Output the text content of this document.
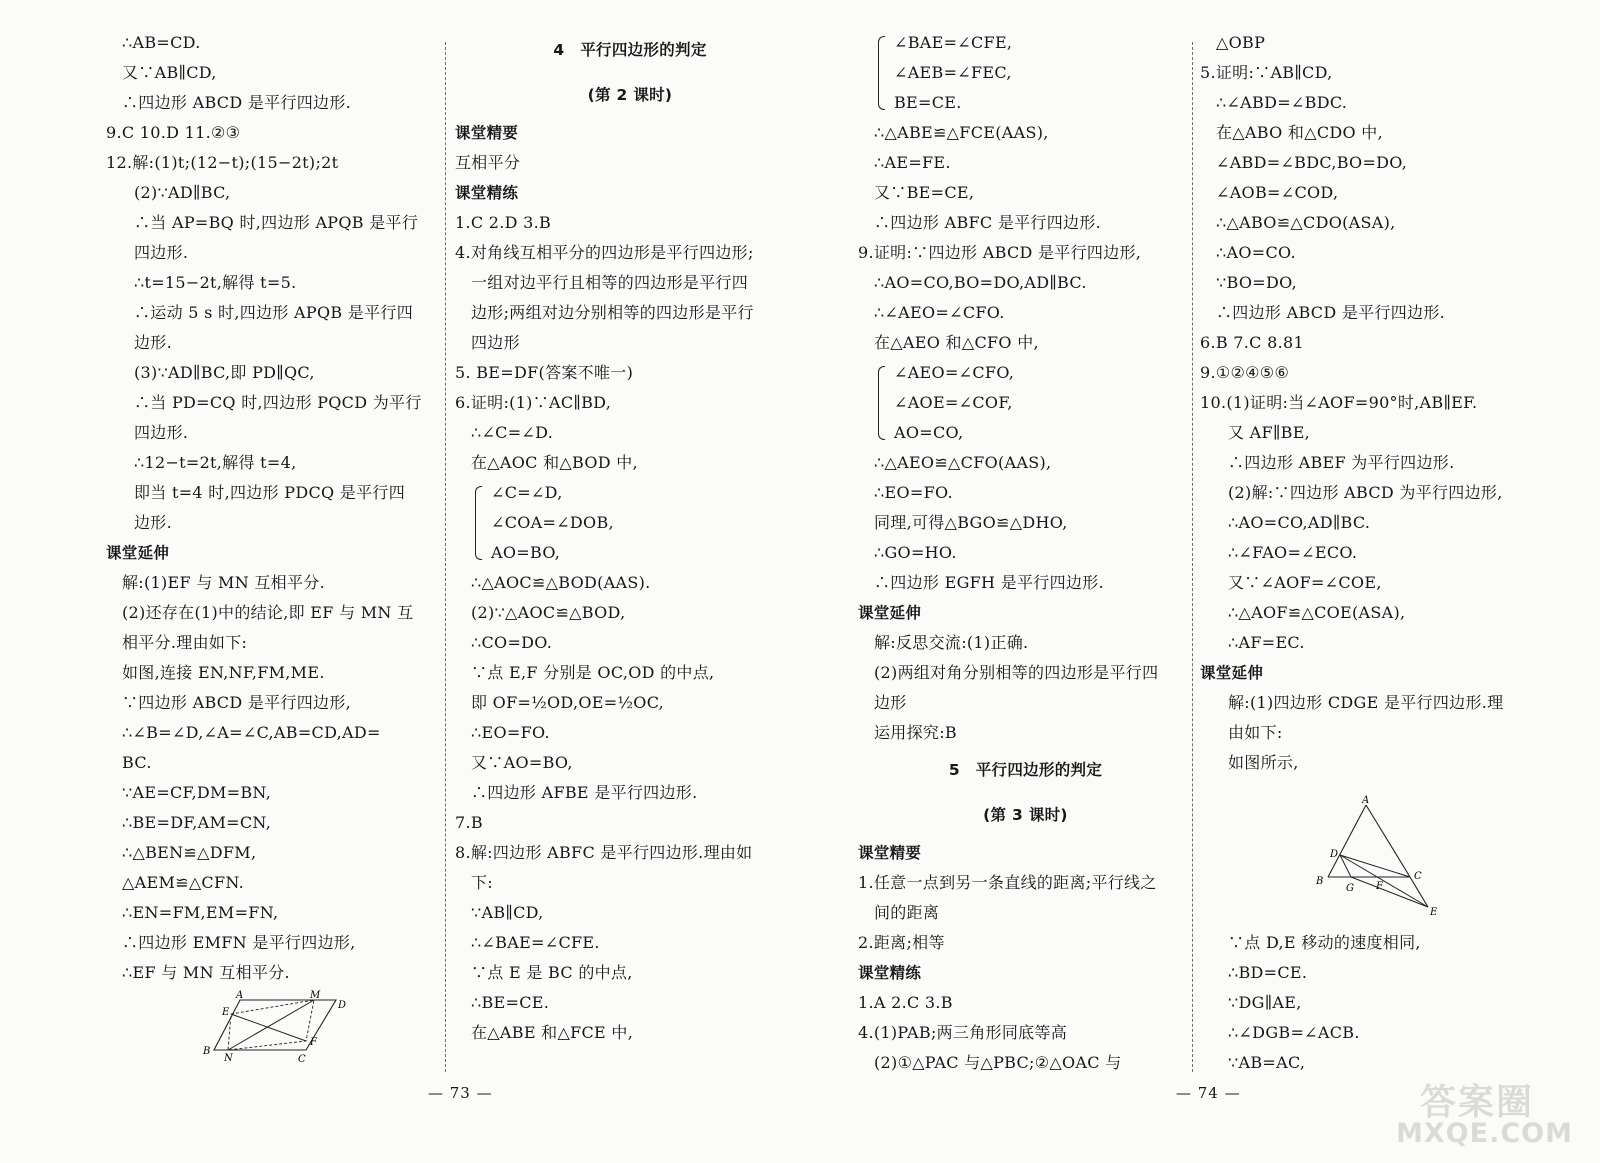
∴AB=CD.
又∵AB∥CD,
∴四边形 ABCD 是平行四边形.
9.C 10.D 11.②③
12.解:(1)t;(12−t);(15−2t);2t
(2)∵AD∥BC,
∴当 AP=BQ 时,四边形 APQB 是平行
四边形.
∴t=15−2t,解得 t=5.
∴运动 5 s 时,四边形 APQB 是平行四
边形.
(3)∵AD∥BC,即 PD∥QC,
∴当 PD=CQ 时,四边形 PQCD 为平行
四边形.
∴12−t=2t,解得 t=4,
即当 t=4 时,四边形 PDCQ 是平行四
边形.
课堂延伸
解:(1)EF 与 MN 互相平分.
(2)还存在(1)中的结论,即 EF 与 MN 互
相平分.理由如下:
如图,连接 EN,NF,FM,ME.
∵四边形 ABCD 是平行四边形,
∴∠B=∠D,∠A=∠C,AB=CD,AD=
BC.
∵AE=CF,DM=BN,
∴BE=DF,AM=CN,
∴△BEN≌△DFM,
△AEM≌△CFN.
∴EN=FM,EM=FN,
∴四边形 EMFN 是平行四边形,
∴EF 与 MN 互相平分.
A	M
D
E
F
B
N	C
4　平行四边形的判定
(第 2 课时)
课堂精要
互相平分
课堂精练
1.C 2.D 3.B
4.对角线互相平分的四边形是平行四边形;
一组对边平行且相等的四边形是平行四
边形;两组对边分别相等的四边形是平行
四边形
5. BE=DF(答案不唯一)
6.证明:(1)∵AC∥BD,
∴∠C=∠D.
在△AOC 和△BOD 中,
∠C=∠D,
∠COA=∠DOB,
AO=BO,
∴△AOC≌△BOD(AAS).
(2)∵△AOC≌△BOD,
∴CO=DO.
∵点 E,F 分别是 OC,OD 的中点,
即 OF=½OD,OE=½OC,
∴EO=FO.
又∵AO=BO,
∴四边形 AFBE 是平行四边形.
7.B
8.解:四边形 ABFC 是平行四边形.理由如
下:
∵AB∥CD,
∴∠BAE=∠CFE.
∵点 E 是 BC 的中点,
∴BE=CE.
在△ABE 和△FCE 中,
— 73 —
∠BAE=∠CFE,
∠AEB=∠FEC,
BE=CE.
∴△ABE≌△FCE(AAS),
∴AE=FE.
又∵BE=CE,
∴四边形 ABFC 是平行四边形.
9.证明:∵四边形 ABCD 是平行四边形,
∴AO=CO,BO=DO,AD∥BC.
∴∠AEO=∠CFO.
在△AEO 和△CFO 中,
∠AEO=∠CFO,
∠AOE=∠COF,
AO=CO,
∴△AEO≌△CFO(AAS),
∴EO=FO.
同理,可得△BGO≌△DHO,
∴GO=HO.
∴四边形 EGFH 是平行四边形.
课堂延伸
解:反思交流:(1)正确.
(2)两组对角分别相等的四边形是平行四
边形
运用探究:B
5　平行四边形的判定
(第 3 课时)
课堂精要
1.任意一点到另一条直线的距离;平行线之
间的距离
2.距离;相等
课堂精练
1.A 2.C 3.B
4.(1)PAB;两三角形同底等高
(2)①△PAC 与△PBC;②△OAC 与
△OBP
5.证明:∵AB∥CD,
∴∠ABD=∠BDC.
在△ABO 和△CDO 中,
∠ABD=∠BDC,BO=DO,
∠AOB=∠COD,
∴△ABO≌△CDO(ASA),
∴AO=CO.
∵BO=DO,
∴四边形 ABCD 是平行四边形.
6.B 7.C 8.81
9.①②④⑤⑥
10.(1)证明:当∠AOF=90°时,AB∥EF.
又 AF∥BE,
∴四边形 ABEF 为平行四边形.
(2)解:∵四边形 ABCD 为平行四边形,
∴AO=CO,AD∥BC.
∴∠FAO=∠ECO.
又∵∠AOF=∠COE,
∴△AOF≌△COE(ASA),
∴AF=EC.
课堂延伸
解:(1)四边形 CDGE 是平行四边形.理
由如下:
如图所示,
∵点 D,E 移动的速度相同,
∴BD=CE.
∵DG∥AE,
∴∠DGB=∠ACB.
∵AB=AC,
A
D
B
G F
C
E
— 74 —	答案圈
MXQE.COM
